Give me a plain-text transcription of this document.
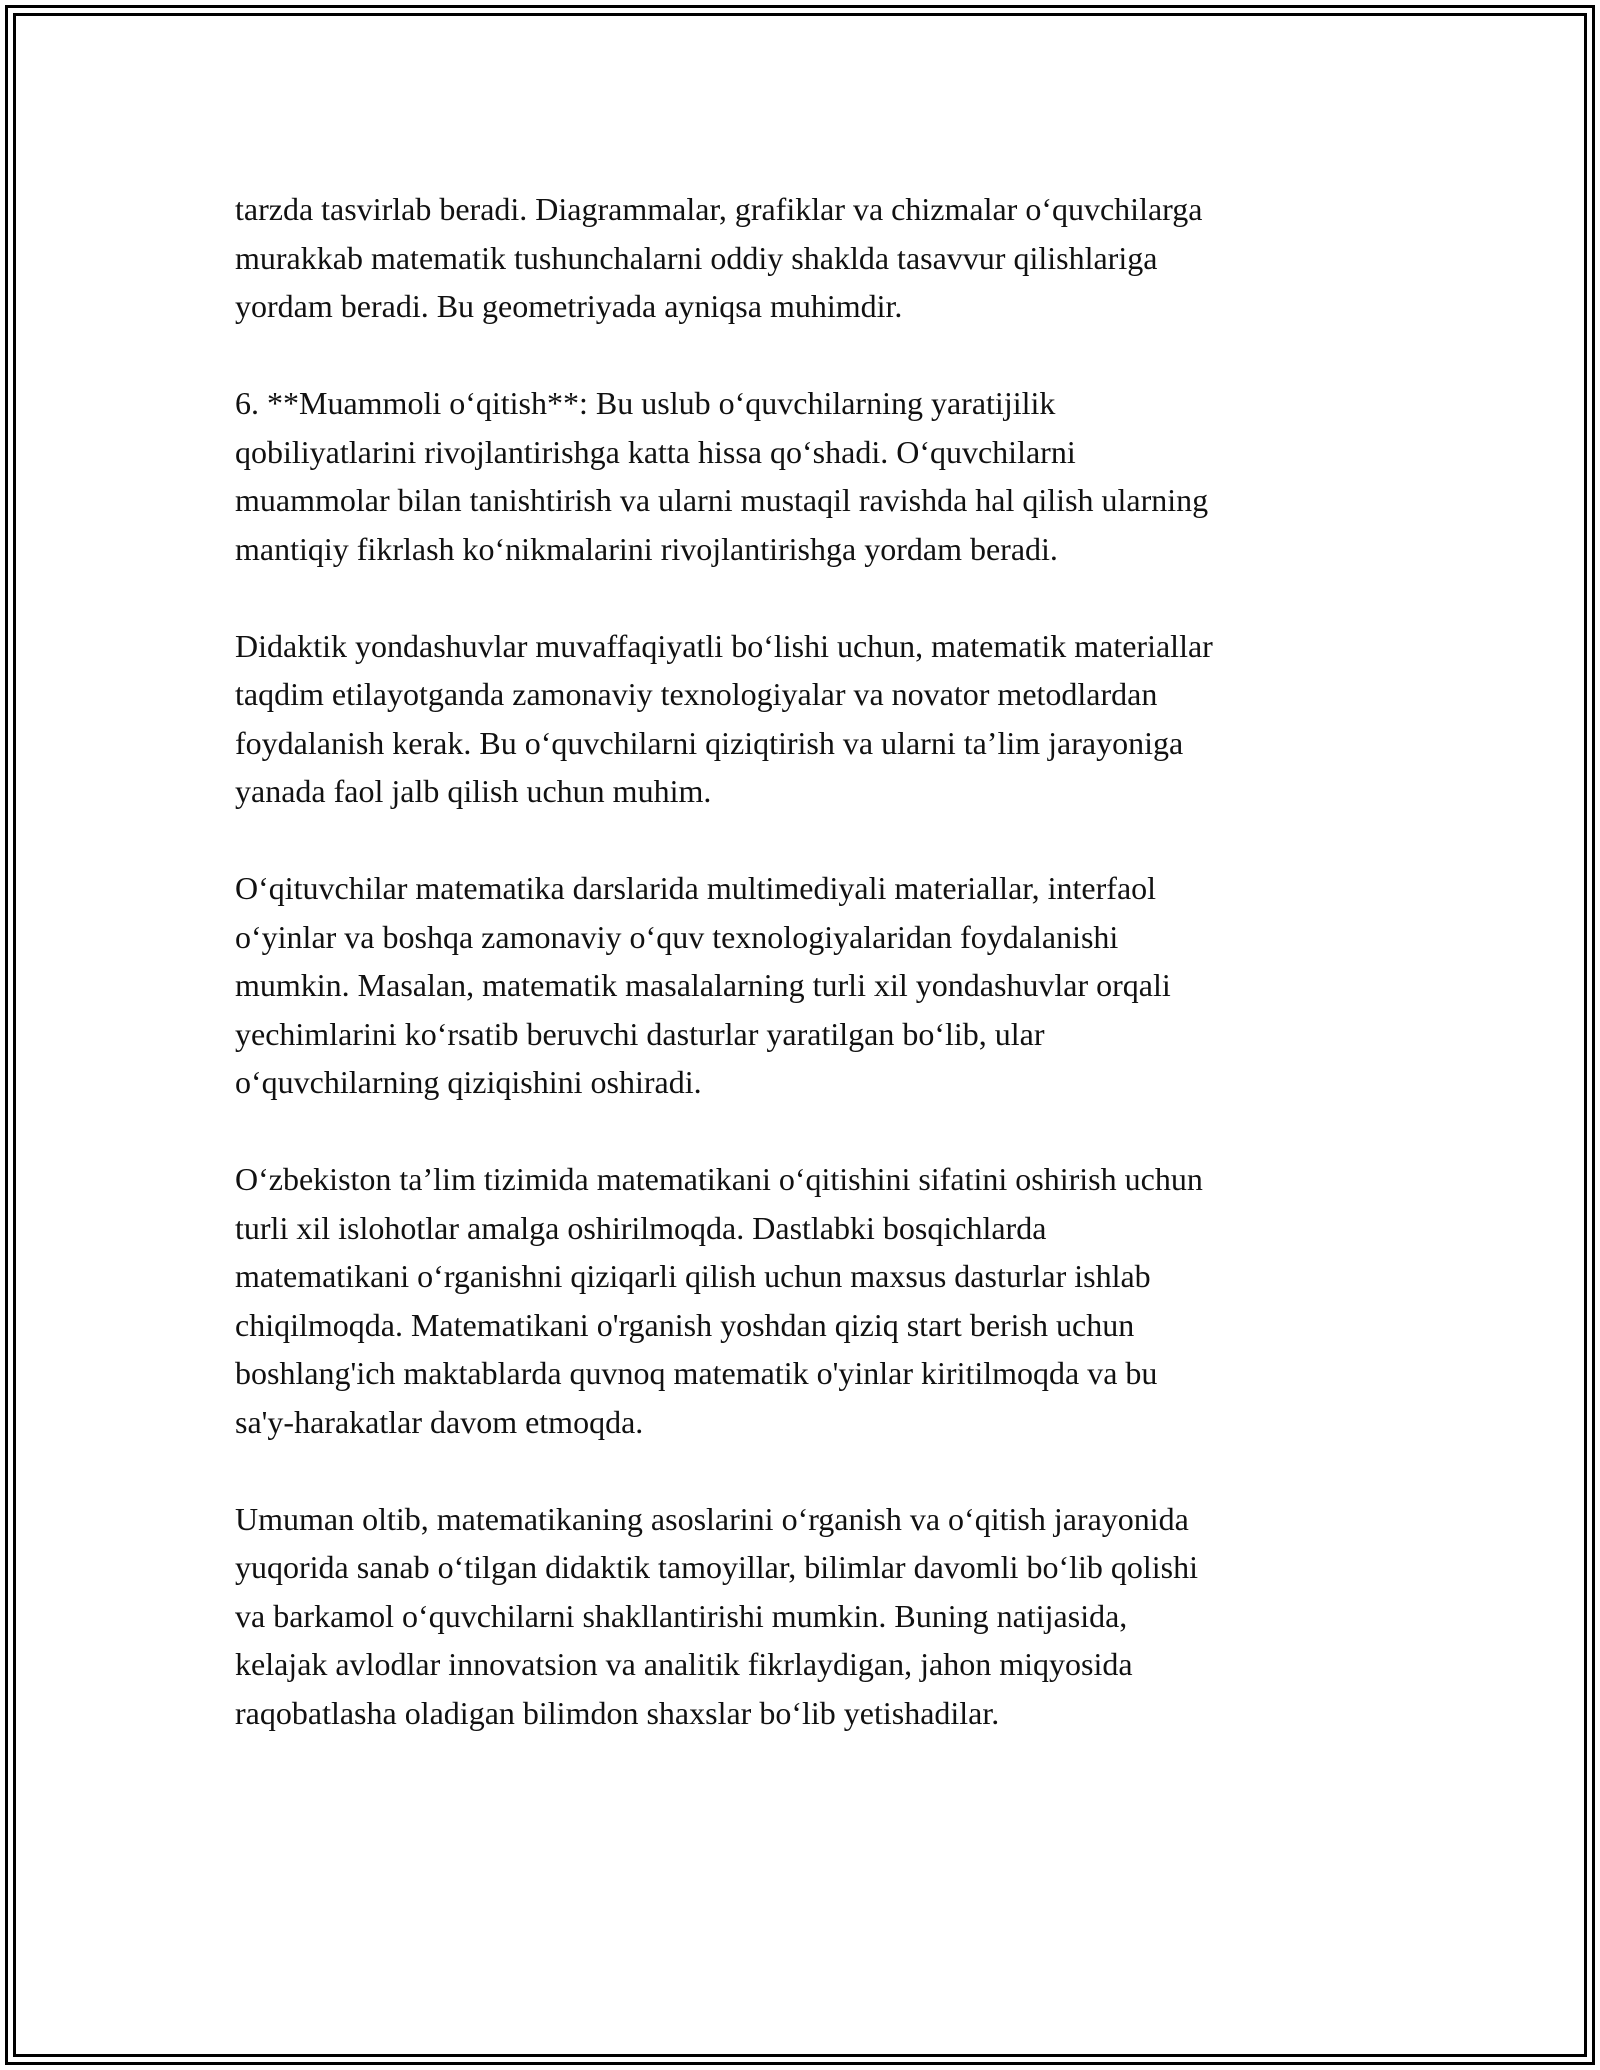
tarzda tasvirlab beradi. Diagrammalar, grafiklar va chizmalar o‘quvchilarga
murakkab matematik tushunchalarni oddiy shaklda tasavvur qilishlariga
yordam beradi. Bu geometriyada ayniqsa muhimdir.

6. **Muammoli o‘qitish**: Bu uslub o‘quvchilarning yaratijilik
qobiliyatlarini rivojlantirishga katta hissa qo‘shadi. O‘quvchilarni
muammolar bilan tanishtirish va ularni mustaqil ravishda hal qilish ularning
mantiqiy fikrlash ko‘nikmalarini rivojlantirishga yordam beradi.

Didaktik yondashuvlar muvaffaqiyatli bo‘lishi uchun, matematik materiallar
taqdim etilayotganda zamonaviy texnologiyalar va novator metodlardan
foydalanish kerak. Bu o‘quvchilarni qiziqtirish va ularni ta’lim jarayoniga
yanada faol jalb qilish uchun muhim.

O‘qituvchilar matematika darslarida multimediyali materiallar, interfaol
o‘yinlar va boshqa zamonaviy o‘quv texnologiyalaridan foydalanishi
mumkin. Masalan, matematik masalalarning turli xil yondashuvlar orqali
yechimlarini ko‘rsatib beruvchi dasturlar yaratilgan bo‘lib, ular
o‘quvchilarning qiziqishini oshiradi.

O‘zbekiston ta’lim tizimida matematikani o‘qitishini sifatini oshirish uchun
turli xil islohotlar amalga oshirilmoqda. Dastlabki bosqichlarda
matematikani o‘rganishni qiziqarli qilish uchun maxsus dasturlar ishlab
chiqilmoqda. Matematikani o'rganish yoshdan qiziq start berish uchun
boshlang'ich maktablarda quvnoq matematik o'yinlar kiritilmoqda va bu
sa'y-harakatlar davom etmoqda.

Umuman oltib, matematikaning asoslarini o‘rganish va o‘qitish jarayonida
yuqorida sanab o‘tilgan didaktik tamoyillar, bilimlar davomli bo‘lib qolishi
va barkamol o‘quvchilarni shakllantirishi mumkin. Buning natijasida,
kelajak avlodlar innovatsion va analitik fikrlaydigan, jahon miqyosida
raqobatlasha oladigan bilimdon shaxslar bo‘lib yetishadilar.
